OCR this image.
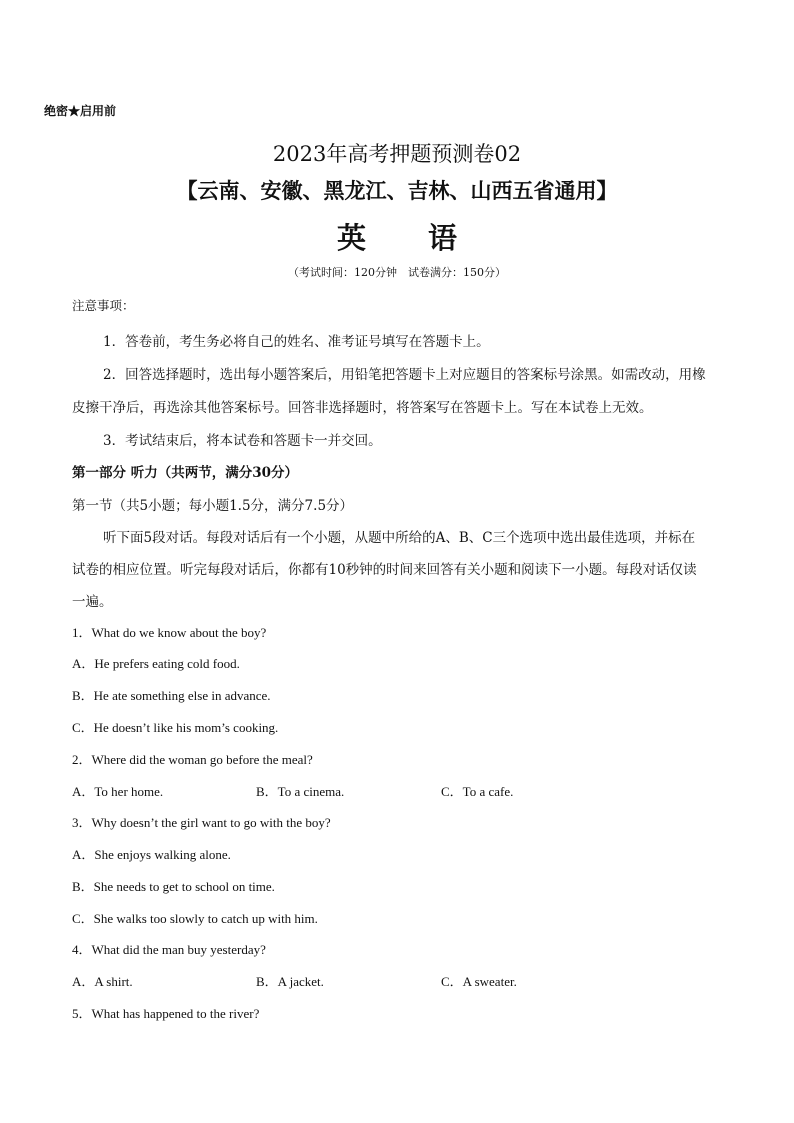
绝密★启用前
2023年高考押题预测卷02
【云南、安徽、黑龙江、吉林、山西五省通用】
英 语
（考试时间：120分钟　试卷满分：150分）
注意事项：
1．答卷前，考生务必将自己的姓名、准考证号填写在答题卡上。
2．回答选择题时，选出每小题答案后，用铅笔把答题卡上对应题目的答案标号涂黑。如需改动，用橡
皮擦干净后，再选涂其他答案标号。回答非选择题时，将答案写在答题卡上。写在本试卷上无效。
3．考试结束后，将本试卷和答题卡一并交回。
第一部分 听力（共两节，满分30分）
第一节（共5小题；每小题1.5分，满分7.5分）
听下面5段对话。每段对话后有一个小题，从题中所给的A、B、C三个选项中选出最佳选项，并标在
试卷的相应位置。听完每段对话后，你都有10秒钟的时间来回答有关小题和阅读下一小题。每段对话仅读
一遍。
1．What do we know about the boy?
A．He prefers eating cold food.
B．He ate something else in advance.
C．He doesn’t like his mom’s cooking.
2．Where did the woman go before the meal?
A．To her home.	B．To a cinema.	C．To a cafe.
3．Why doesn’t the girl want to go with the boy?
A．She enjoys walking alone.
B．She needs to get to school on time.
C．She walks too slowly to catch up with him.
4．What did the man buy yesterday?
A．A shirt.	B．A jacket.	C．A sweater.
5．What has happened to the river?
